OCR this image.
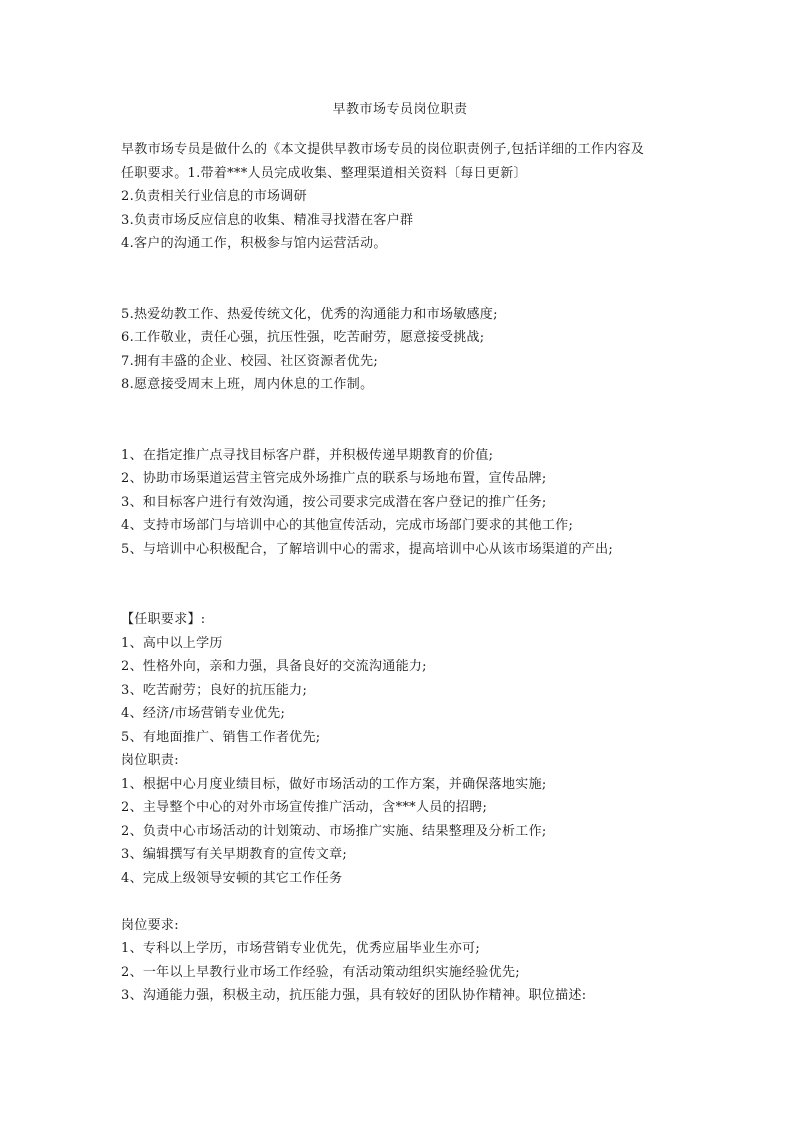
早教市场专员岗位职责

早教市场专员是做什么的《本文提供早教市场专员的岗位职责例子,包括详细的工作内容及

任职要求。1.带着***人员完成收集、整理渠道相关资料〔每日更新〕

2.负责相关行业信息的市场调研

3.负责市场反应信息的收集、精准寻找潜在客户群

4.客户的沟通工作，积极参与馆内运营活动。

5.热爱幼教工作、热爱传统文化，优秀的沟通能力和市场敏感度;

6.工作敬业，责任心强，抗压性强，吃苦耐劳，愿意接受挑战;

7.拥有丰盛的企业、校园、社区资源者优先;

8.愿意接受周末上班，周内休息的工作制。

1、在指定推广点寻找目标客户群，并积极传递早期教育的价值;

2、协助市场渠道运营主管完成外场推广点的联系与场地布置，宣传品牌;

3、和目标客户进行有效沟通，按公司要求完成潜在客户登记的推广任务;

4、支持市场部门与培训中心的其他宣传活动，完成市场部门要求的其他工作;

5、与培训中心积极配合，了解培训中心的需求，提高培训中心从该市场渠道的产出;

【任职要求】:

1、高中以上学历

2、性格外向，亲和力强，具备良好的交流沟通能力;

3、吃苦耐劳；良好的抗压能力;

4、经济/市场营销专业优先;

5、有地面推广、销售工作者优先;

岗位职责:

1、根据中心月度业绩目标，做好市场活动的工作方案，并确保落地实施;

2、主导整个中心的对外市场宣传推广活动，含***人员的招聘;

2、负责中心市场活动的计划策动、市场推广实施、结果整理及分析工作;

3、编辑撰写有关早期教育的宣传文章;

4、完成上级领导安顿的其它工作任务

岗位要求:

1、专科以上学历，市场营销专业优先，优秀应届毕业生亦可;

2、一年以上早教行业市场工作经验，有活动策动组织实施经验优先;

3、沟通能力强，积极主动，抗压能力强，具有较好的团队协作精神。职位描述:
